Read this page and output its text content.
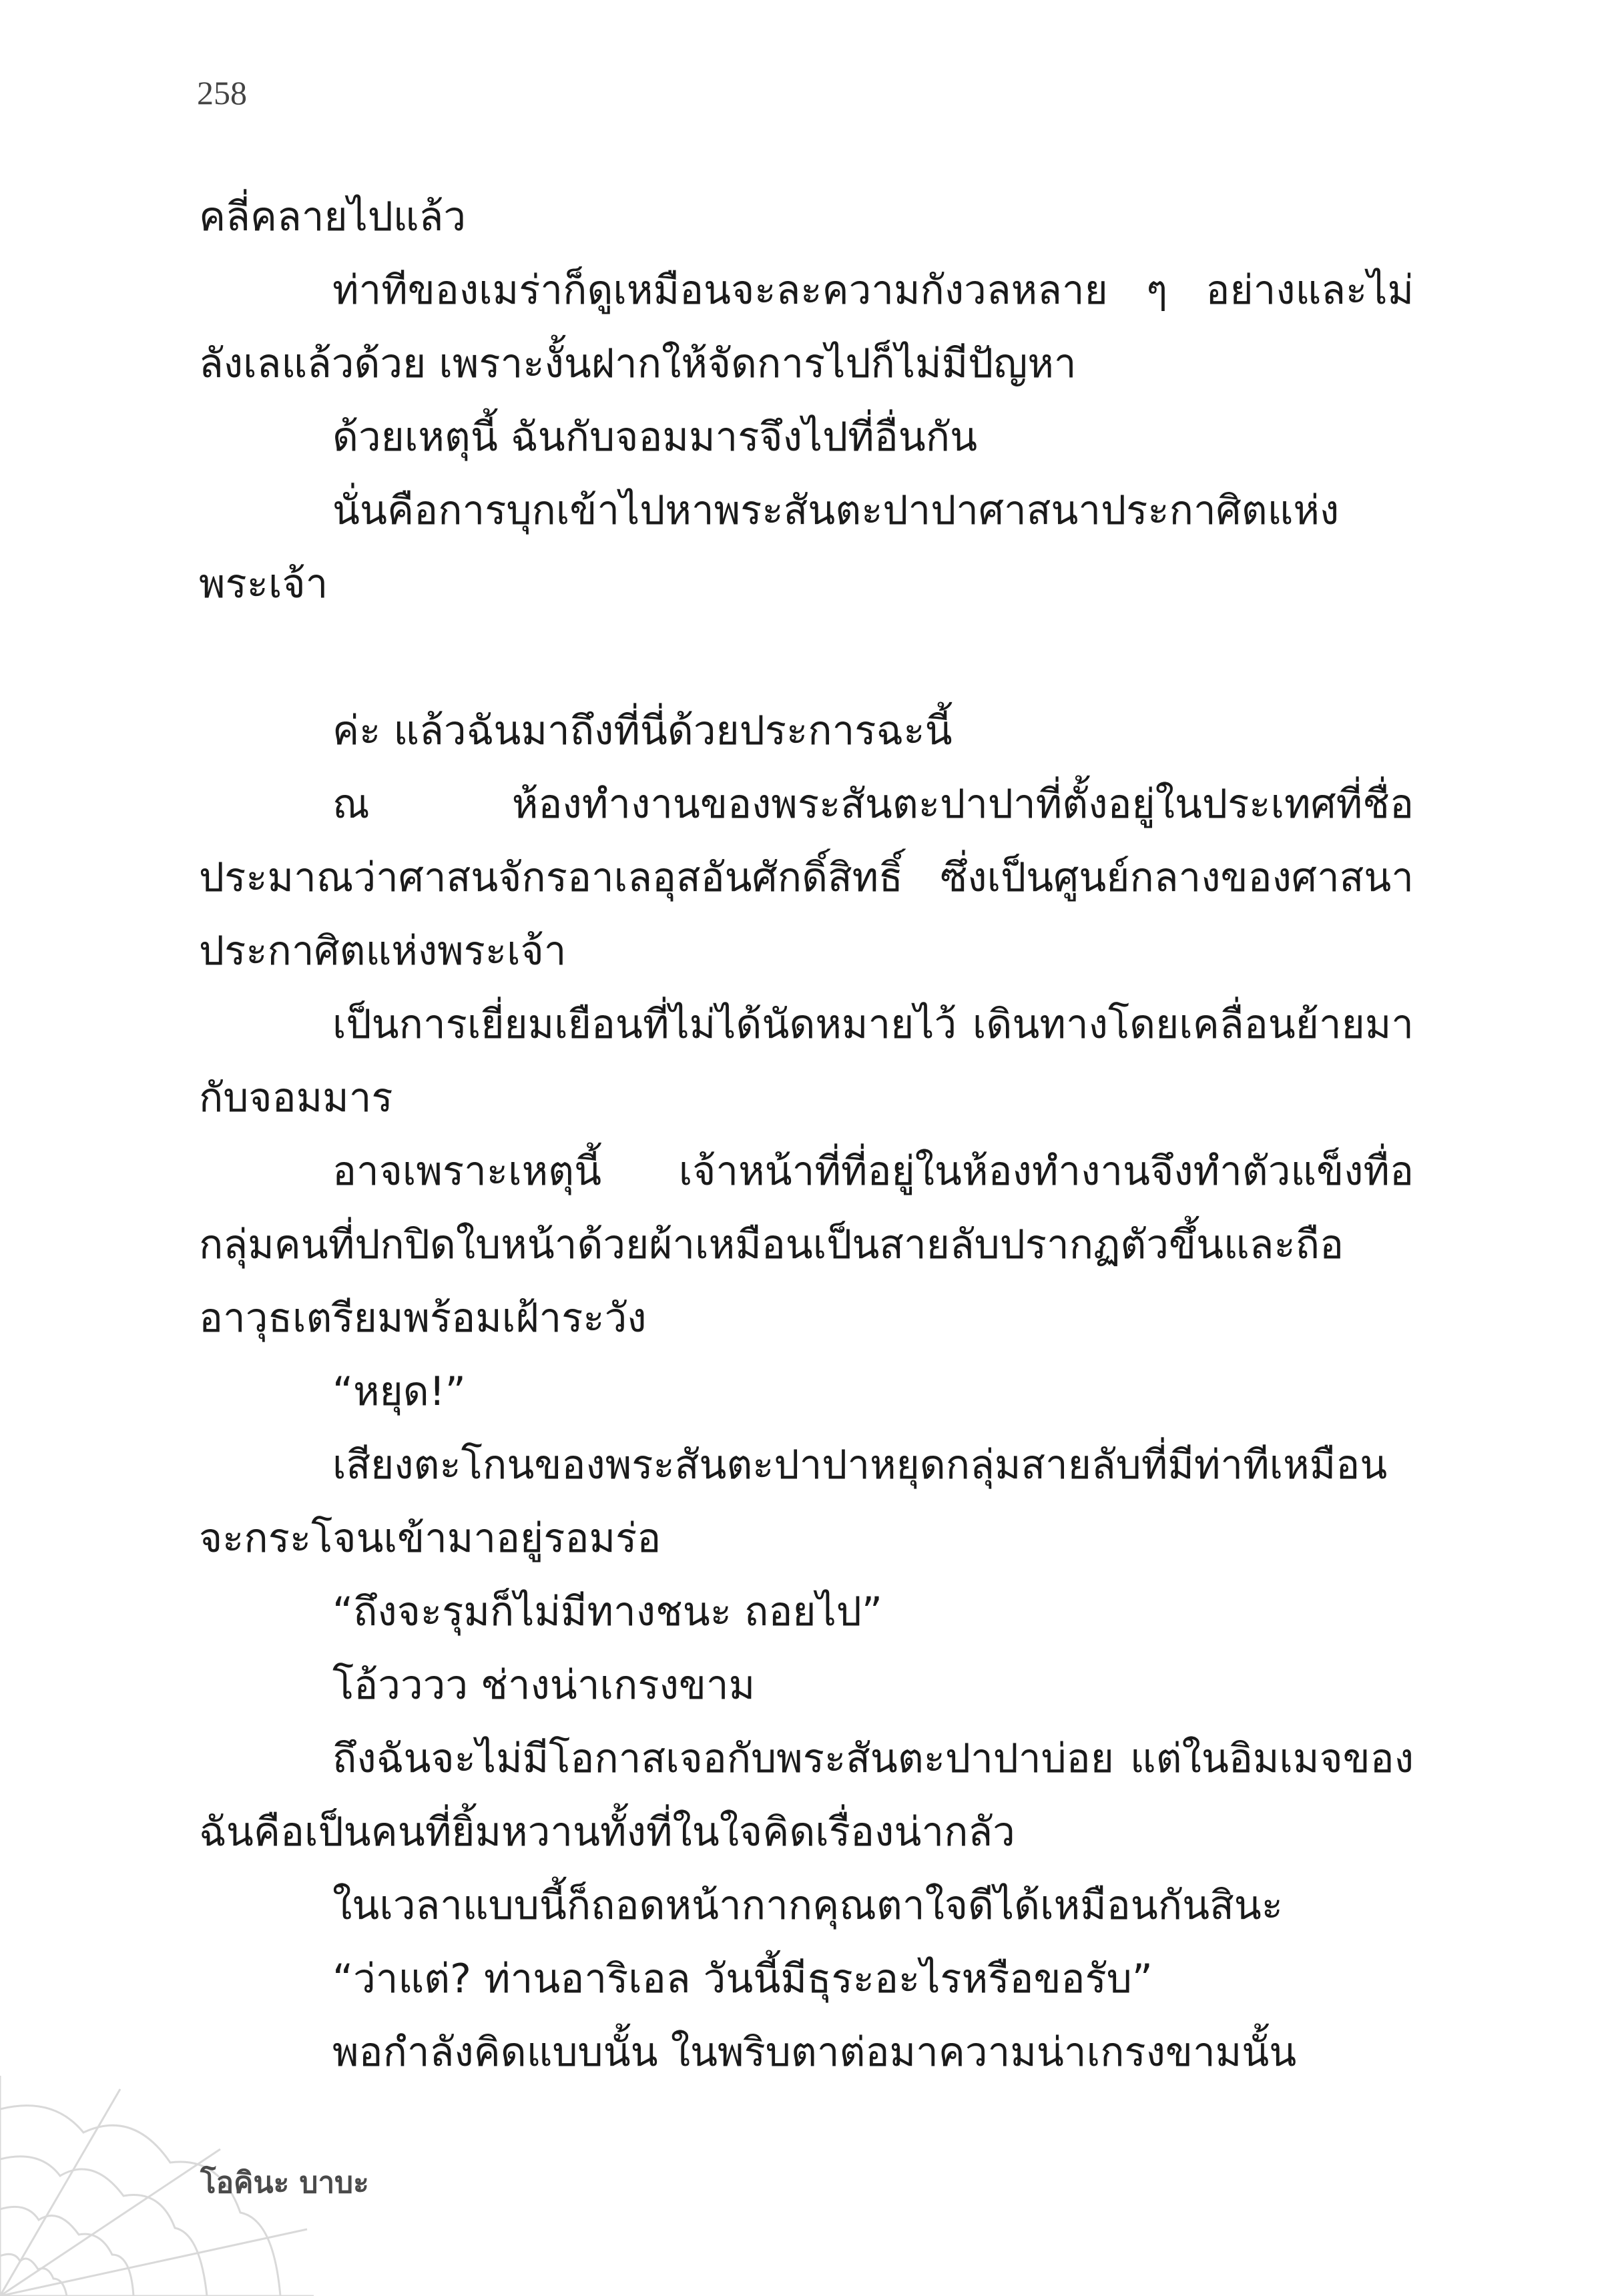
258

คลี่คลายไปแล้ว

ท่าทีของเมร่าก็ดูเหมือนจะละความกังวลหลาย ๆ อย่างและไม่ลังเลแล้วด้วย เพราะงั้นฝากให้จัดการไปก็ไม่มีปัญหา

ด้วยเหตุนี้ ฉันกับจอมมารจึงไปที่อื่นกัน

นั่นคือการบุกเข้าไปหาพระสันตะปาปาศาสนาประกาศิตแห่งพระเจ้า

ค่ะ แล้วฉันมาถึงที่นี่ด้วยประการฉะนี้

ณ ห้องทำงานของพระสันตะปาปาที่ตั้งอยู่ในประเทศที่ชื่อประมาณว่าศาสนจักรอาเลอุสอันศักดิ์สิทธิ์ ซึ่งเป็นศูนย์กลางของศาสนาประกาศิตแห่งพระเจ้า

เป็นการเยี่ยมเยือนที่ไม่ได้นัดหมายไว้ เดินทางโดยเคลื่อนย้ายมากับจอมมาร

อาจเพราะเหตุนี้ เจ้าหน้าที่ที่อยู่ในห้องทำงานจึงทำตัวแข็งทื่อกลุ่มคนที่ปกปิดใบหน้าด้วยผ้าเหมือนเป็นสายลับปรากฏตัวขึ้นและถืออาวุธเตรียมพร้อมเฝ้าระวัง

“หยุด!”

เสียงตะโกนของพระสันตะปาปาหยุดกลุ่มสายลับที่มีท่าทีเหมือนจะกระโจนเข้ามาอยู่รอมร่อ

“ถึงจะรุมก็ไม่มีทางชนะ ถอยไป”

โอ้วววว ช่างน่าเกรงขาม

ถึงฉันจะไม่มีโอกาสเจอกับพระสันตะปาปาบ่อย แต่ในอิมเมจของฉันคือเป็นคนที่ยิ้มหวานทั้งที่ในใจคิดเรื่องน่ากลัว

ในเวลาแบบนี้ก็ถอดหน้ากากคุณตาใจดีได้เหมือนกันสินะ

“ว่าแต่? ท่านอาริเอล วันนี้มีธุระอะไรหรือขอรับ”

พอกำลังคิดแบบนั้น ในพริบตาต่อมาความน่าเกรงขามนั้น

โอคินะ บาบะ
